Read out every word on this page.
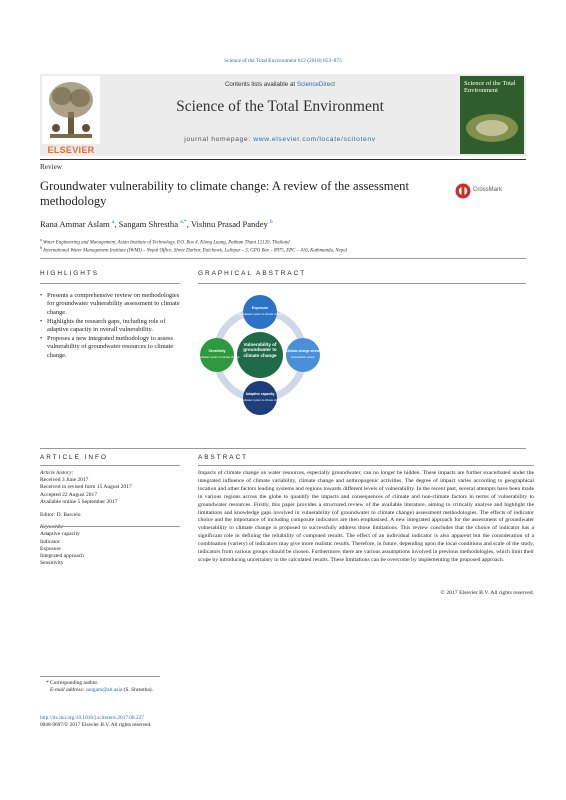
Science of the Total Environment 612 (2018) 853–875
ELSEVIER
Contents lists available at ScienceDirect
Science of the Total Environment
journal homepage: www.elsevier.com/locate/scitotenv
Science of the Total Environment
Review
Groundwater vulnerability to climate change: A review of the assessment methodology
CrossMark
Rana Ammar Aslam $^a$, Sangam Shrestha $^{a,*}$, Vishnu Prasad Pandey $^b$
$^a$ Water Engineering and Management, Asian Institute of Technology, P.O. Box 4, Klong Luang, Pathum Thani 12120, Thailand
$^b$ International Water Management Institute (IWMI) – Nepal Office, Shree Durbar, Pulchowk, Lalitpur – 3, GPO Box – 8975, EPC – 416, Kathmandu, Nepal
HIGHLIGHTS
• Presents a comprehensive review on methodologies for groundwater vulnerability assessment to climate change.
• Highlights the research gaps, including role of adaptive capacity in overall vulnerability.
• Proposes a new integrated methodology to assess vulnerability of groundwater resources to climate change.
GRAPHICAL ABSTRACT
Exposure
Groundwater system to climate change
Climate change stress
Groundwater system
Adaptive capacity
Groundwater system to climate change
Sensitivity
Groundwater system to climate change
Vulnerability of groundwater to climate change
ARTICLE INFO
Article history:
Received 3 June 2017
Received in revised form 15 August 2017
Accepted 22 August 2017
Available online 5 September 2017
Editor: D. Barcelo
Keywords:
Adaptive capacity
Indicator
Exposure
Integrated approach
Sensitivity
ABSTRACT
Impacts of climate change on water resources, especially groundwater, can no longer be hidden. These impacts are further exacerbated under the integrated influence of climate variability, climate change and anthropogenic activities. The degree of impact varies according to geographical location and other factors leading systems and regions towards different levels of vulnerability. In the recent past, several attempts have been made in various regions across the globe to quantify the impacts and consequences of climate and non-climate factors in terms of vulnerability to groundwater resources. Firstly, this paper provides a structured review of the available literature, aiming to critically analyse and highlight the limitations and knowledge gaps involved in vulnerability (of groundwater to climate change) assessment methodologies. The effects of indicator choice and the importance of including composite indicators are then emphasised. A new integrated approach for the assessment of groundwater vulnerability to climate change is proposed to successfully address those limitations. This review concludes that the choice of indicator has a significant role in defining the reliability of computed results. The effect of an individual indicator is also apparent but the consideration of a combination (variety) of indicators may give more realistic results. Therefore, in future, depending upon the local conditions and scale of the study, indicators from various groups should be chosen. Furthermore, there are various assumptions involved in previous methodologies, which limit their scope by introducing uncertainty in the calculated results. These limitations can be overcome by implementing the proposed approach.
© 2017 Elsevier B.V. All rights reserved.
* Corresponding author.
E-mail address: sangam@ait.asia (S. Shrestha).
http://dx.doi.org/10.1016/j.scitotenv.2017.08.237
0048-9697/© 2017 Elsevier B.V. All rights reserved.
